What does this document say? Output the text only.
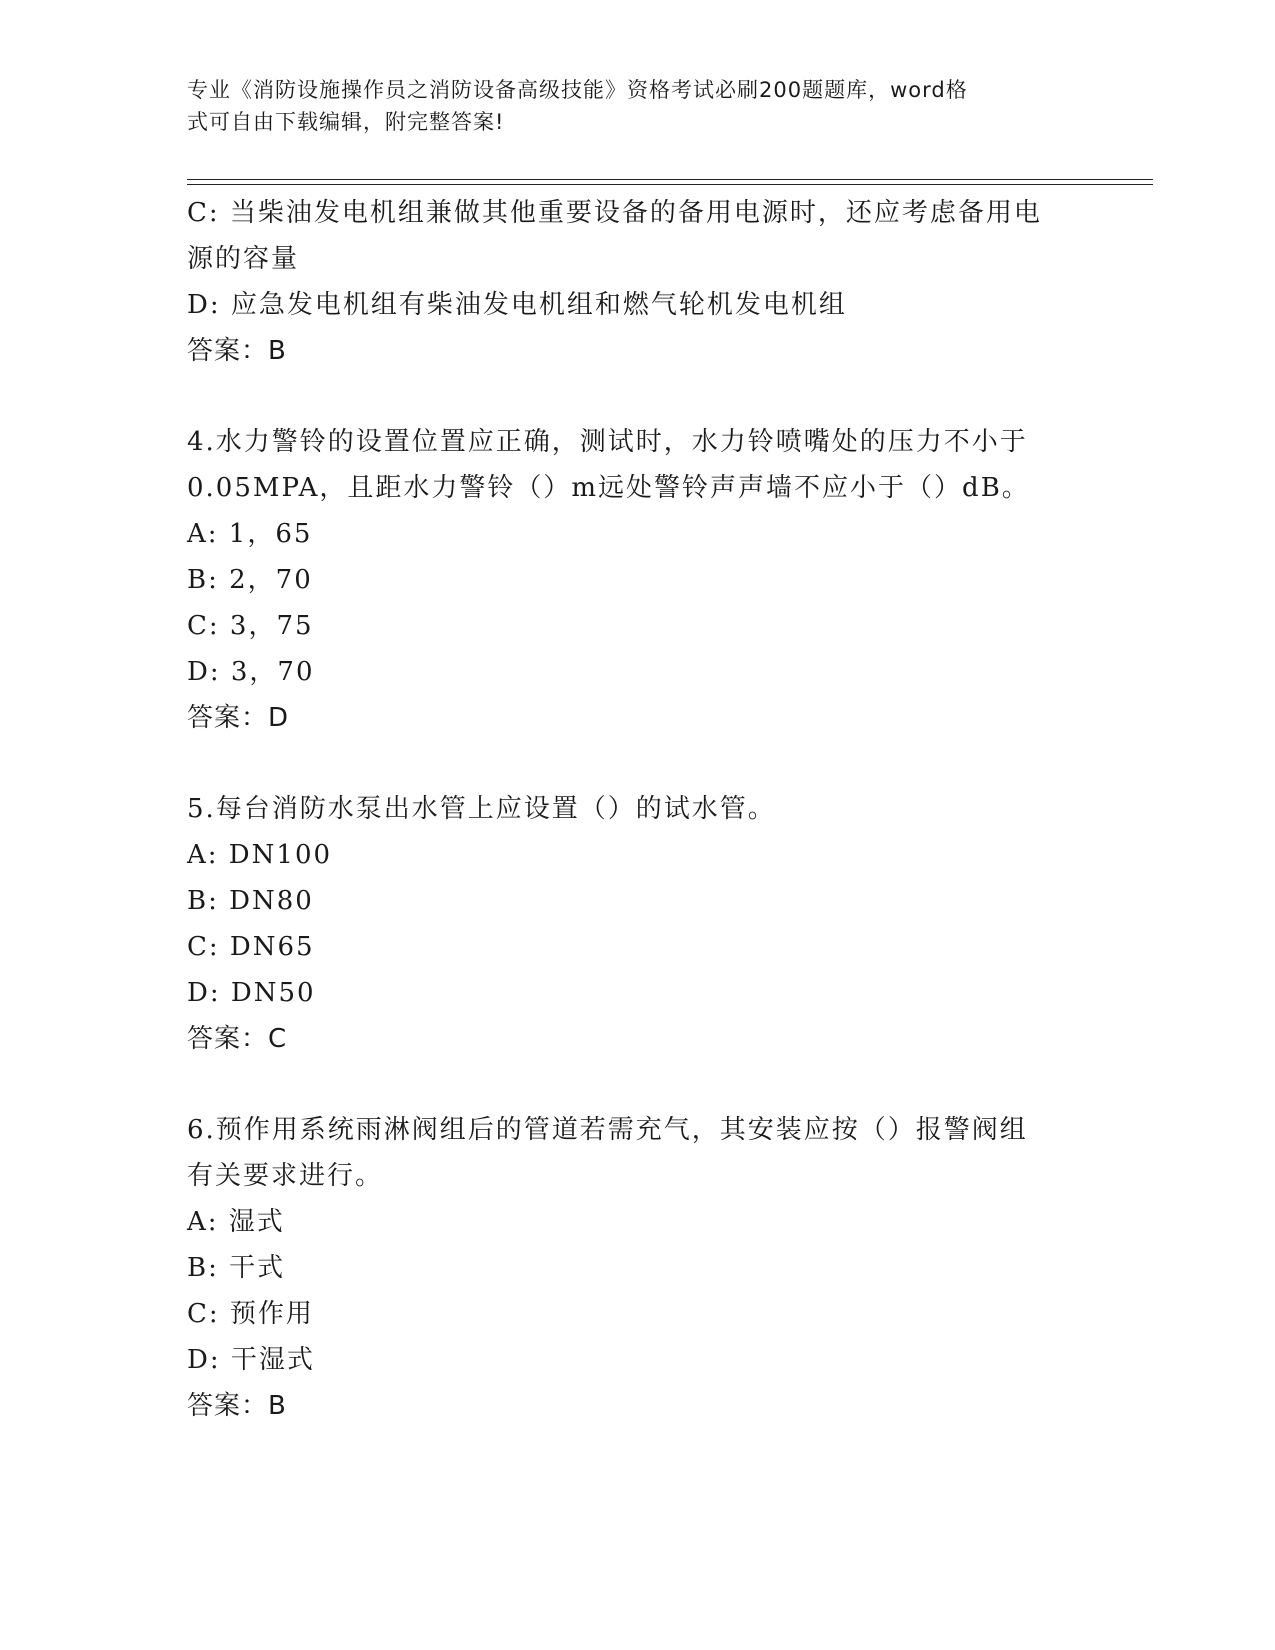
专业《消防设施操作员之消防设备高级技能》资格考试必刷200题题库，word格
式可自由下载编辑，附完整答案!
C: 当柴油发电机组兼做其他重要设备的备用电源时，还应考虑备用电
源的容量
D: 应急发电机组有柴油发电机组和燃气轮机发电机组
答案：B
4.水力警铃的设置位置应正确，测试时，水力铃喷嘴处的压力不小于
0.05MPA，且距水力警铃（）m远处警铃声声墙不应小于（）dB。
A: 1，65
B: 2，70
C: 3，75
D: 3，70
答案：D
5.每台消防水泵出水管上应设置（）的试水管。
A: DN100
B: DN80
C: DN65
D: DN50
答案：C
6.预作用系统雨淋阀组后的管道若需充气，其安装应按（）报警阀组
有关要求进行。
A: 湿式
B: 干式
C: 预作用
D: 干湿式
答案：B
